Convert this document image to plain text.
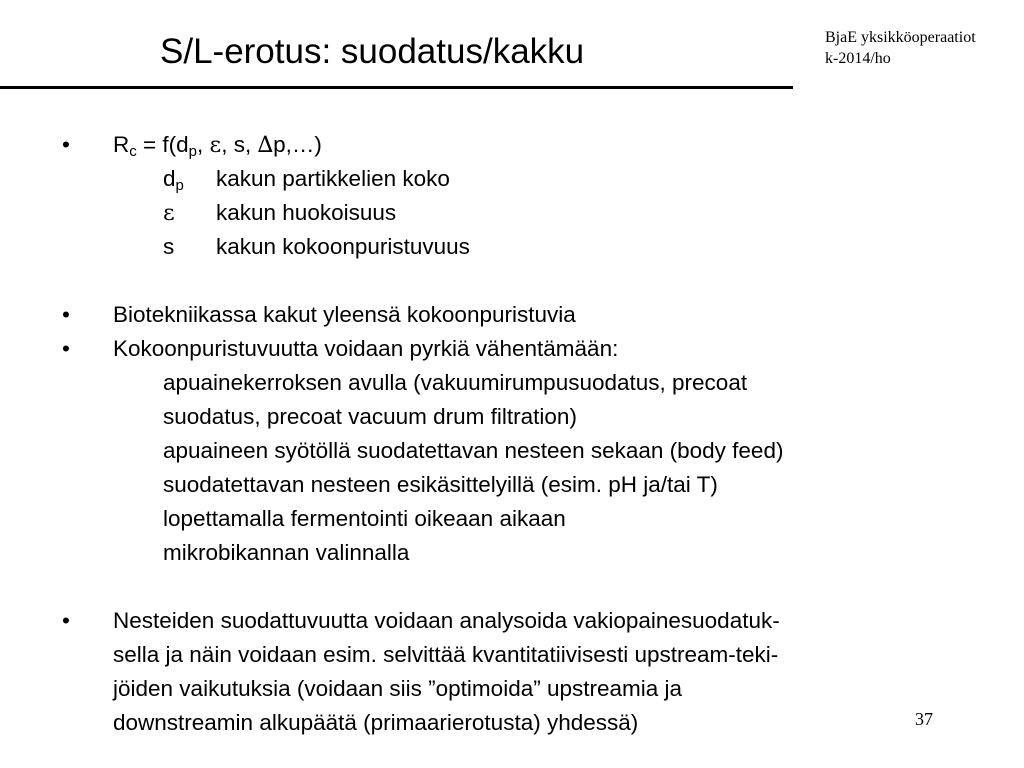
S/L-erotus: suodatus/kakku	BjaE yksikköoperaatiot
k-2014/ho
• $R_c = f(d_p$, ε, s, ∆p,…)
$d_p$ kakun partikkelien koko
ε kakun huokoisuus
s kakun kokoonpuristuvuus
• Biotekniikassa kakut yleensä kokoonpuristuvia
• Kokoonpuristuvuutta voidaan pyrkiä vähentämään:
apuainekerroksen avulla (vakuumirumpusuodatus, precoat
suodatus, precoat vacuum drum filtration)
apuaineen syötöllä suodatettavan nesteen sekaan (body feed)
suodatettavan nesteen esikäsittelyillä (esim. pH ja/tai T)
lopettamalla fermentointi oikeaan aikaan
mikrobikannan valinnalla
• Nesteiden suodattuvuutta voidaan analysoida vakiopainesuodatuk-
sella ja näin voidaan esim. selvittää kvantitatiivisesti upstream-teki-
jöiden vaikutuksia (voidaan siis ”optimoida” upstreamia ja
downstreamin alkupäätä (primaarierotusta) yhdessä)	37
